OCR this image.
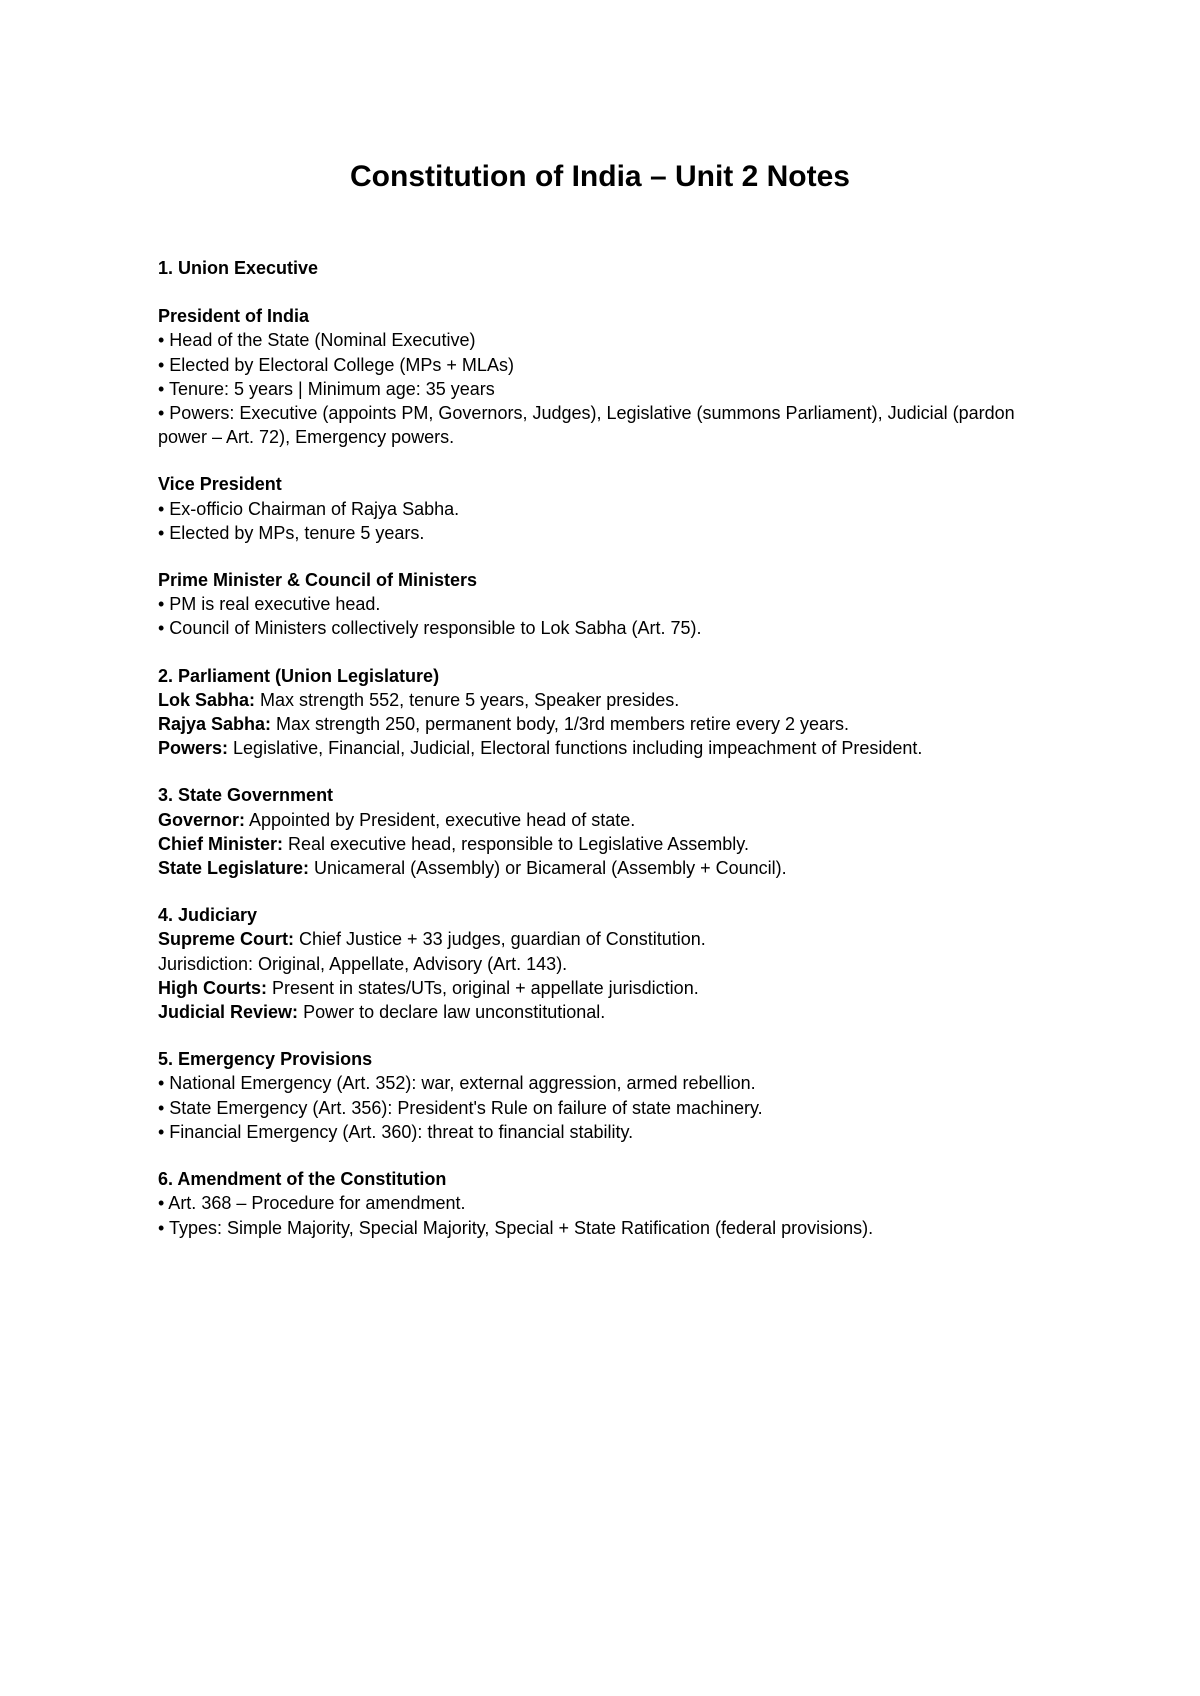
Constitution of India – Unit 2 Notes

1. Union Executive

President of India

• Head of the State (Nominal Executive)

• Elected by Electoral College (MPs + MLAs)

• Tenure: 5 years | Minimum age: 35 years

• Powers: Executive (appoints PM, Governors, Judges), Legislative (summons Parliament), Judicial (pardon power – Art. 72), Emergency powers.

Vice President

• Ex-officio Chairman of Rajya Sabha.

• Elected by MPs, tenure 5 years.

Prime Minister & Council of Ministers

• PM is real executive head.

• Council of Ministers collectively responsible to Lok Sabha (Art. 75).

2. Parliament (Union Legislature)

Lok Sabha: Max strength 552, tenure 5 years, Speaker presides.

Rajya Sabha: Max strength 250, permanent body, 1/3rd members retire every 2 years.

Powers: Legislative, Financial, Judicial, Electoral functions including impeachment of President.

3. State Government

Governor: Appointed by President, executive head of state.

Chief Minister: Real executive head, responsible to Legislative Assembly.

State Legislature: Unicameral (Assembly) or Bicameral (Assembly + Council).

4. Judiciary

Supreme Court: Chief Justice + 33 judges, guardian of Constitution.

Jurisdiction: Original, Appellate, Advisory (Art. 143).

High Courts: Present in states/UTs, original + appellate jurisdiction.

Judicial Review: Power to declare law unconstitutional.

5. Emergency Provisions

• National Emergency (Art. 352): war, external aggression, armed rebellion.

• State Emergency (Art. 356): President's Rule on failure of state machinery.

• Financial Emergency (Art. 360): threat to financial stability.

6. Amendment of the Constitution

• Art. 368 – Procedure for amendment.

• Types: Simple Majority, Special Majority, Special + State Ratification (federal provisions).
